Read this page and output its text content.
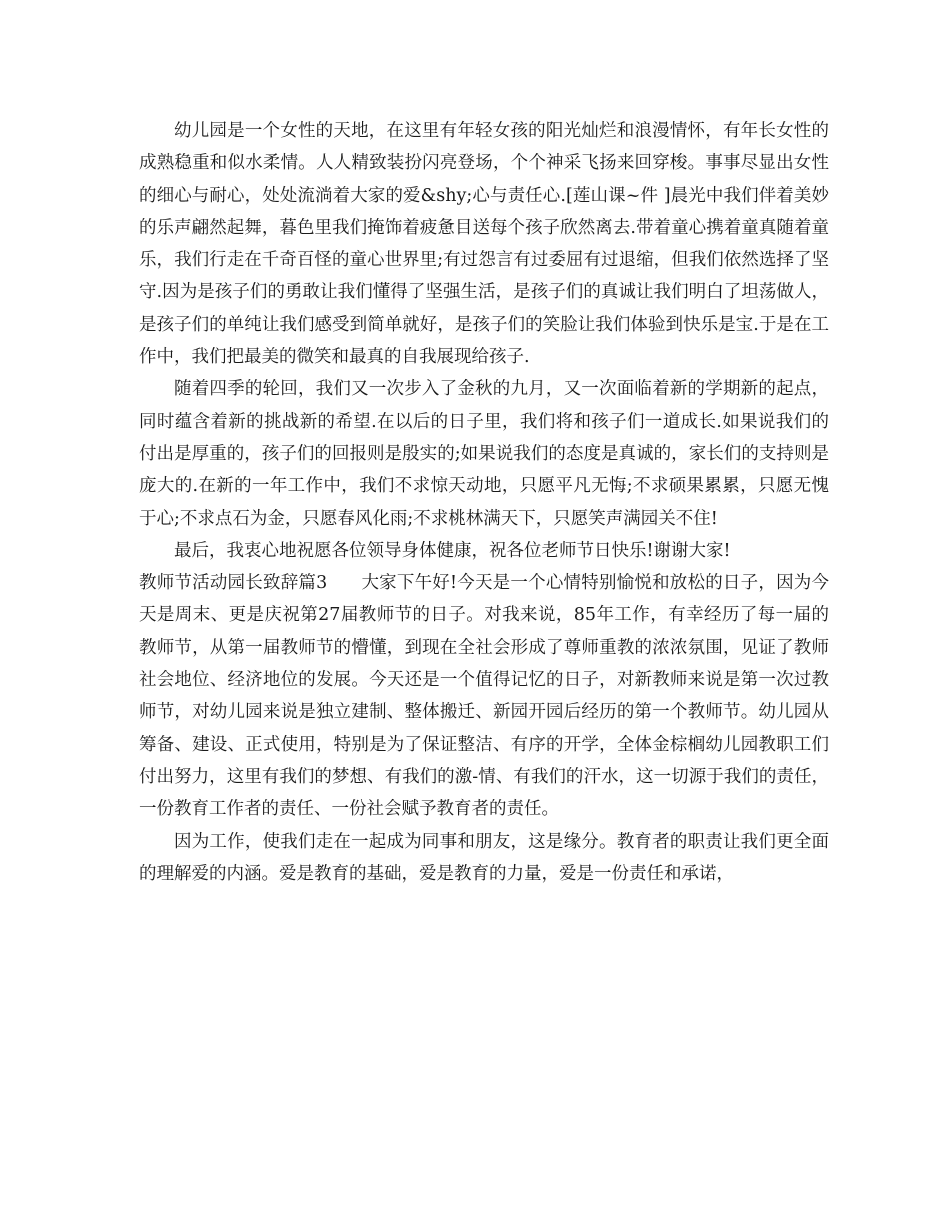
幼儿园是一个女性的天地，在这里有年轻女孩的阳光灿烂和浪漫情怀，有年长女性的成熟稳重和似水柔情。人人精致装扮闪亮登场，个个神采飞扬来回穿梭。事事尽显出女性的细心与耐心，处处流淌着大家的爱&shy;心与责任心.[莲山课~件 ]晨光中我们伴着美妙的乐声翩然起舞，暮色里我们掩饰着疲惫目送每个孩子欣然离去.带着童心携着童真随着童乐，我们行走在千奇百怪的童心世界里;有过怨言有过委屈有过退缩，但我们依然选择了坚守.因为是孩子们的勇敢让我们懂得了坚强生活，是孩子们的真诚让我们明白了坦荡做人，是孩子们的单纯让我们感受到简单就好，是孩子们的笑脸让我们体验到快乐是宝.于是在工作中，我们把最美的微笑和最真的自我展现给孩子.

随着四季的轮回，我们又一次步入了金秋的九月，又一次面临着新的学期新的起点，同时蕴含着新的挑战新的希望.在以后的日子里，我们将和孩子们一道成长.如果说我们的付出是厚重的，孩子们的回报则是殷实的;如果说我们的态度是真诚的，家长们的支持则是庞大的.在新的一年工作中，我们不求惊天动地，只愿平凡无悔;不求硕果累累，只愿无愧于心;不求点石为金，只愿春风化雨;不求桃林满天下，只愿笑声满园关不住!

最后，我衷心地祝愿各位领导身体健康，祝各位老师节日快乐!谢谢大家!

教师节活动园长致辞篇3 大家下午好!今天是一个心情特别愉悦和放松的日子，因为今天是周末、更是庆祝第27届教师节的日子。对我来说，85年工作，有幸经历了每一届的教师节，从第一届教师节的懵懂，到现在全社会形成了尊师重教的浓浓氛围，见证了教师社会地位、经济地位的发展。今天还是一个值得记忆的日子，对新教师来说是第一次过教师节，对幼儿园来说是独立建制、整体搬迁、新园开园后经历的第一个教师节。幼儿园从筹备、建设、正式使用，特别是为了保证整洁、有序的开学，全体金棕榈幼儿园教职工们付出努力，这里有我们的梦想、有我们的激-情、有我们的汗水，这一切源于我们的责任，一份教育工作者的责任、一份社会赋予教育者的责任。

因为工作，使我们走在一起成为同事和朋友，这是缘分。教育者的职责让我们更全面的理解爱的内涵。爱是教育的基础，爱是教育的力量，爱是一份责任和承诺，
